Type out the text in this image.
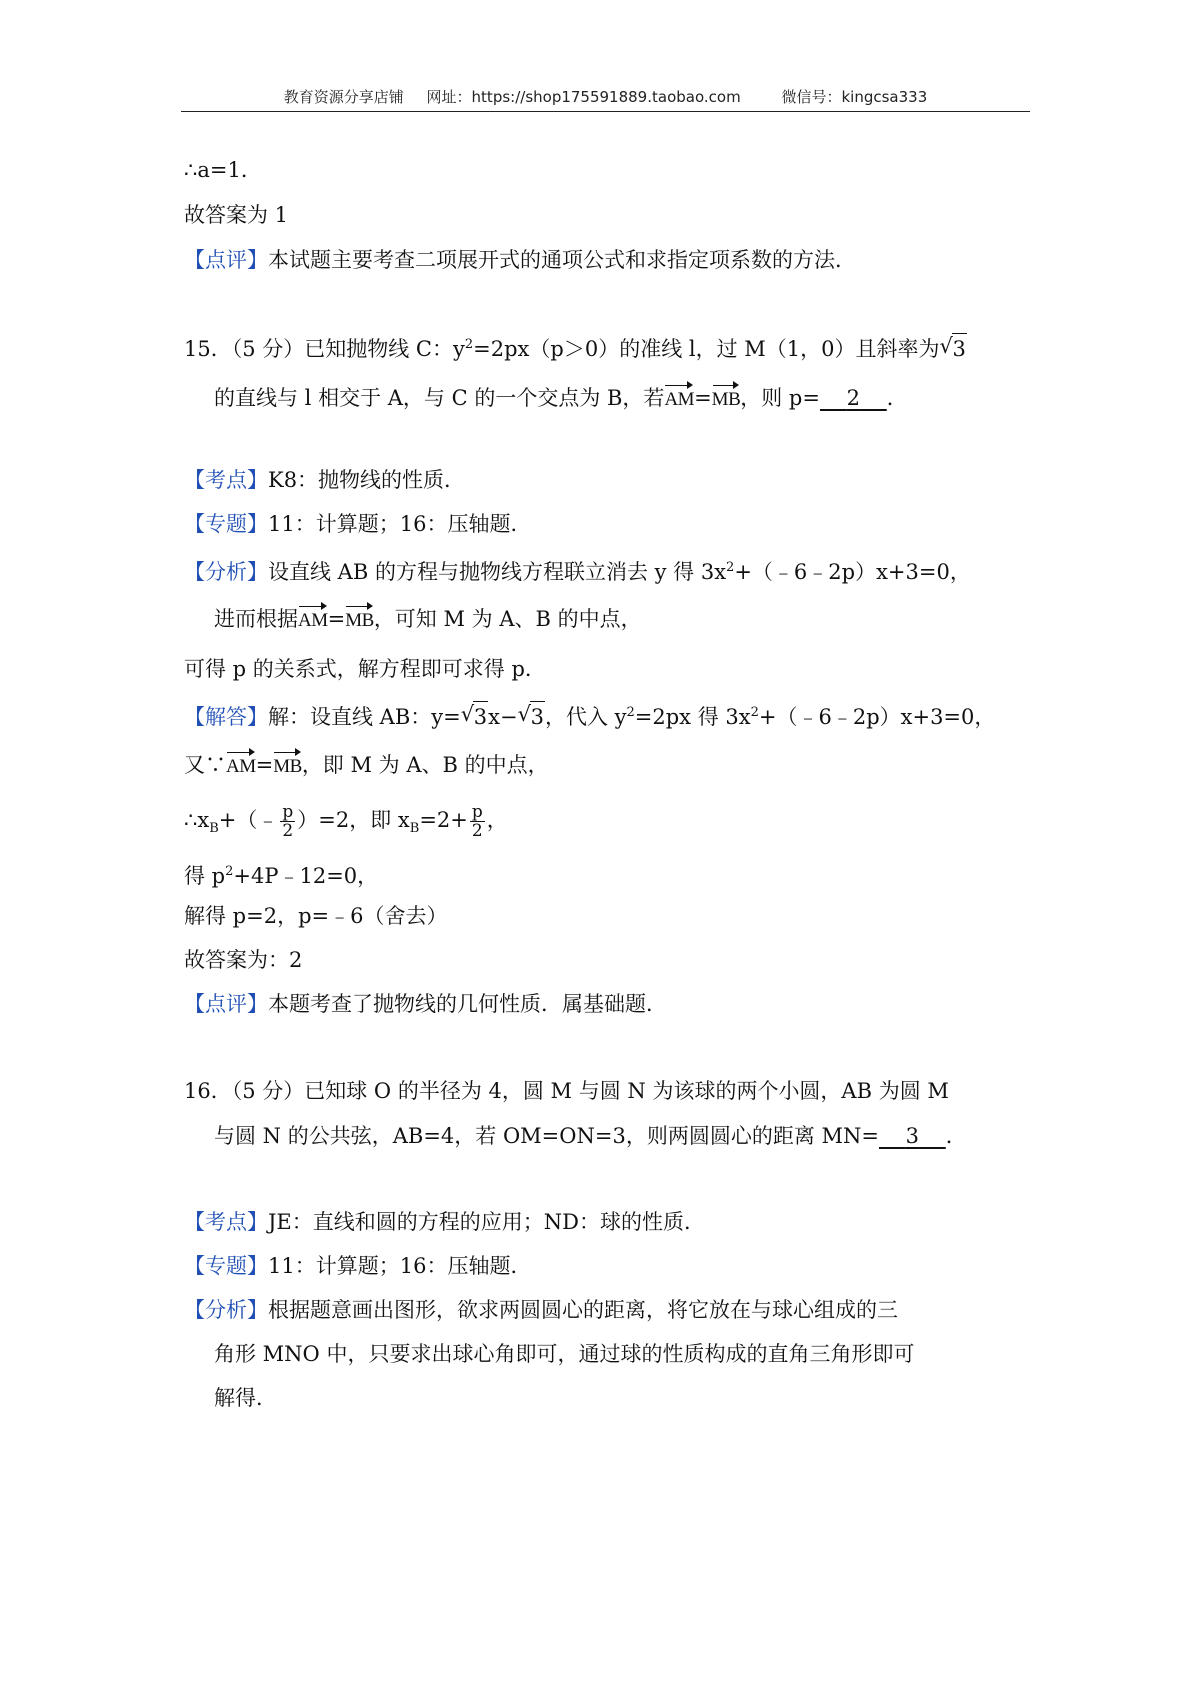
教育资源分享店铺 网址：https://shop175591889.taobao.com	微信号：kingcsa333
∴a=1．
故答案为 1
【点评】本试题主要考查二项展开式的通项公式和求指定项系数的方法．
15．（5 分）已知抛物线 C：$y^2=2px(p>0)$的准线 l，过 M（1，0）且斜率为 √ 3
的直线与 l 相交于 A，与 C 的一个交点为 B，若AM=MB，则 p= 2 ．
【考点】K8：抛物线的性质．
【专题】11：计算题；16：压轴题．
【分析】设直线 AB 的方程与抛物线方程联立消去 y 得 $3x^2+(﹣6﹣2p)x+3=0$，
进而根据AM=MB，可知 M 为 A、B 的中点，
可得 p 的关系式，解方程即可求得 p．
【解答】解：设直线 AB：y= √ 3x− √ 3，代入 $y^2=2px$ 得 $3x^2+(﹣6﹣2p)x+3=0$，
又∵AM=MB，即 M 为 A、B 的中点，
$\therefore x_B+(﹣ \frac{p}{2} )=2$，即 $x_B=2+ \frac{p}{2}$ ，
得 $p^2+4P﹣12=0$，
解得 p=2，p=﹣6（舍去）
故答案为：2
【点评】本题考查了抛物线的几何性质．属基础题．
16．（5 分）已知球 O 的半径为 4，圆 M 与圆 N 为该球的两个小圆，AB 为圆 M
与圆 N 的公共弦，AB=4，若 OM=ON=3，则两圆圆心的距离 MN= 3 ．
【考点】JE：直线和圆的方程的应用；ND：球的性质．
【专题】11：计算题；16：压轴题．
【分析】根据题意画出图形，欲求两圆圆心的距离，将它放在与球心组成的三
角形 MNO 中，只要求出球心角即可，通过球的性质构成的直角三角形即可
解得．
